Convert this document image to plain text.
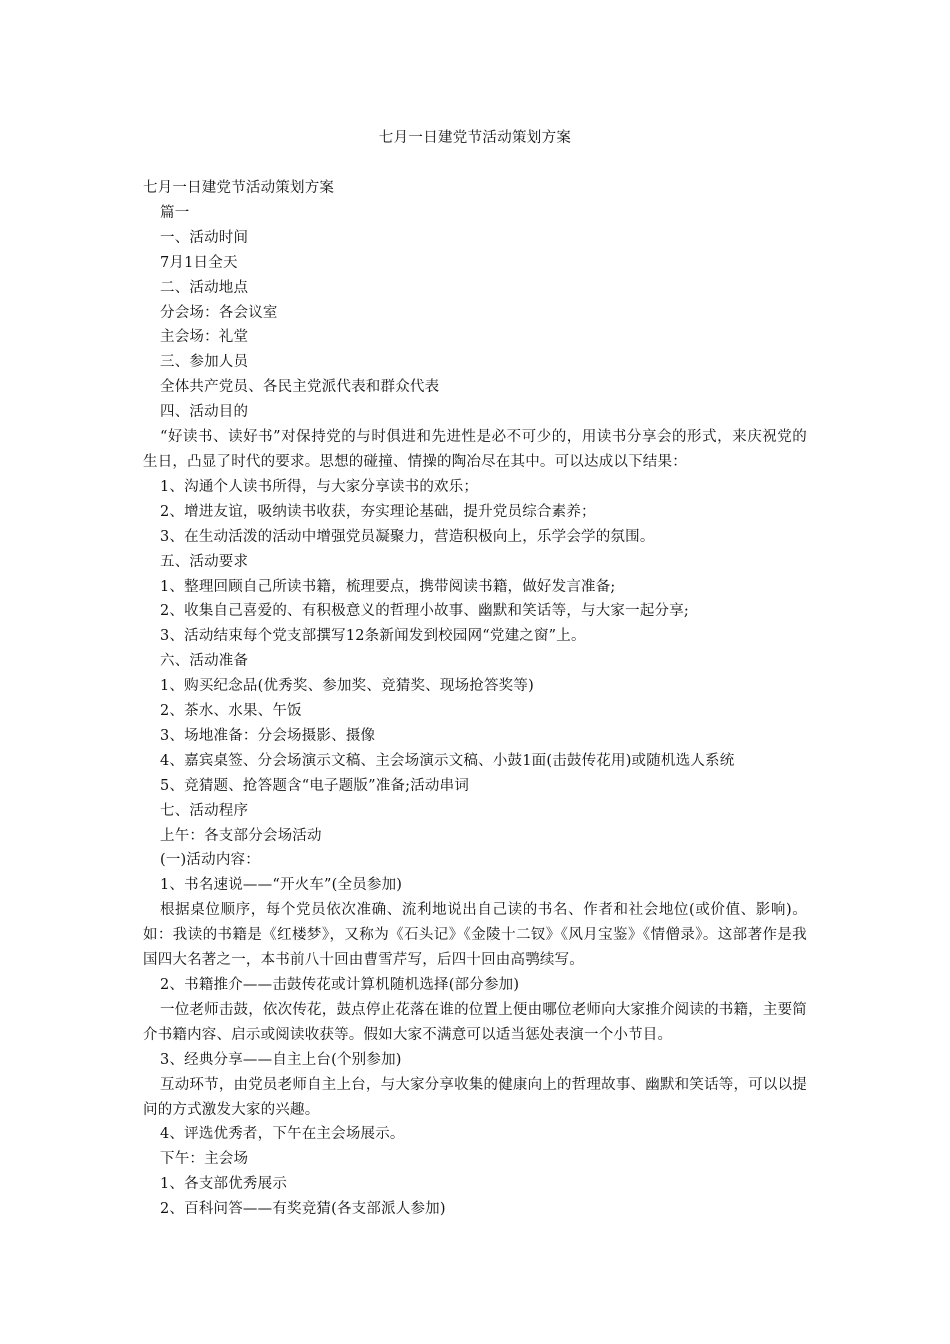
七月一日建党节活动策划方案
七月一日建党节活动策划方案
篇一
一、活动时间
7月1日全天
二、活动地点
分会场：各会议室
主会场：礼堂
三、参加人员
全体共产党员、各民主党派代表和群众代表
四、活动目的
“好读书、读好书”对保持党的与时俱进和先进性是必不可少的，用读书分享会的形式，来庆祝党的生日，凸显了时代的要求。思想的碰撞、情操的陶冶尽在其中。可以达成以下结果：
1、沟通个人读书所得，与大家分享读书的欢乐；
2、增进友谊，吸纳读书收获，夯实理论基础，提升党员综合素养；
3、在生动活泼的活动中增强党员凝聚力，营造积极向上，乐学会学的氛围。
五、活动要求
1、整理回顾自己所读书籍，梳理要点，携带阅读书籍，做好发言准备;
2、收集自己喜爱的、有积极意义的哲理小故事、幽默和笑话等，与大家一起分享;
3、活动结束每个党支部撰写12条新闻发到校园网“党建之窗”上。
六、活动准备
1、购买纪念品(优秀奖、参加奖、竞猜奖、现场抢答奖等)
2、茶水、水果、午饭
3、场地准备：分会场摄影、摄像
4、嘉宾桌签、分会场演示文稿、主会场演示文稿、小鼓1面(击鼓传花用)或随机选人系统
5、竞猜题、抢答题含“电子题版”准备;活动串词
七、活动程序
上午：各支部分会场活动
(一)活动内容：
1、书名速说——“开火车”(全员参加)
根据桌位顺序，每个党员依次准确、流利地说出自己读的书名、作者和社会地位(或价值、影响)。如：我读的书籍是《红楼梦》，又称为《石头记》《金陵十二钗》《风月宝鉴》《情僧录》。这部著作是我国四大名著之一，本书前八十回由曹雪芹写，后四十回由高鹗续写。
2、书籍推介——击鼓传花或计算机随机选择(部分参加)
一位老师击鼓，依次传花，鼓点停止花落在谁的位置上便由哪位老师向大家推介阅读的书籍，主要简介书籍内容、启示或阅读收获等。假如大家不满意可以适当惩处表演一个小节目。
3、经典分享——自主上台(个别参加)
互动环节，由党员老师自主上台，与大家分享收集的健康向上的哲理故事、幽默和笑话等，可以以提问的方式激发大家的兴趣。
4、评选优秀者，下午在主会场展示。
下午：主会场
1、各支部优秀展示
2、百科问答——有奖竞猜(各支部派人参加)
